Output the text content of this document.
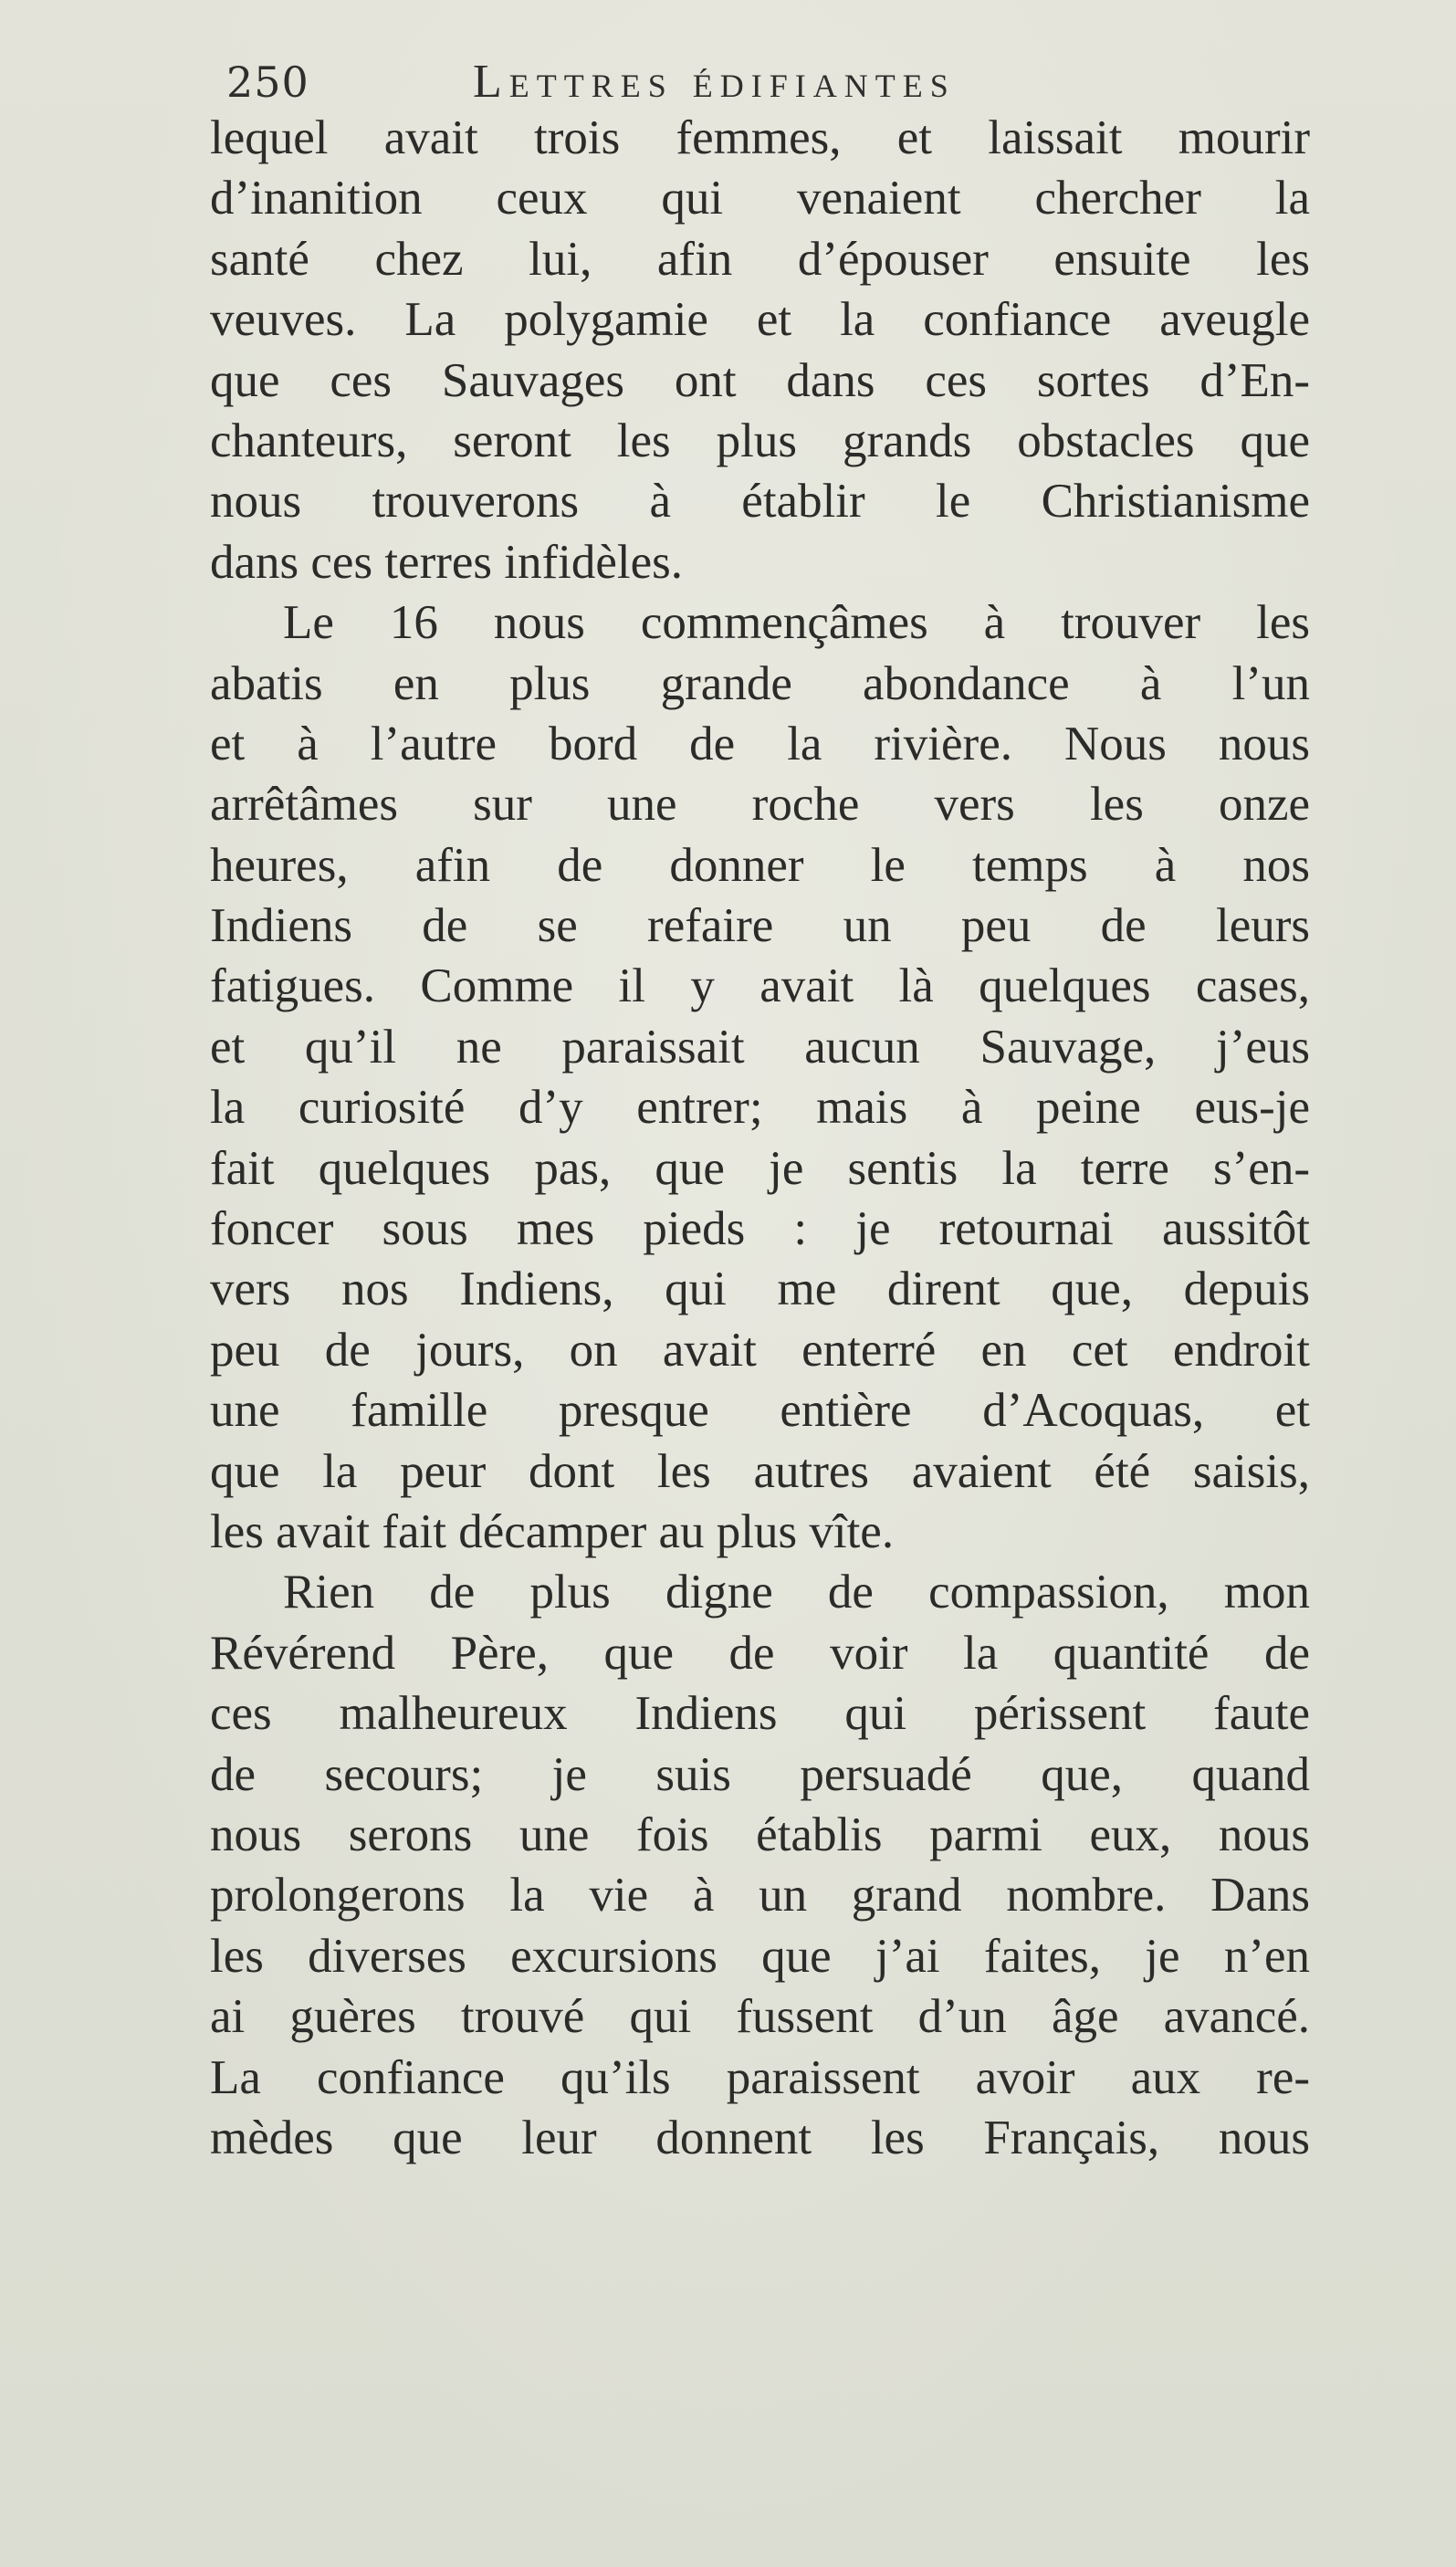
250	Lettres édifiantes
lequel avait trois femmes, et laissait mourir
d’inanition ceux qui venaient chercher la
santé chez lui, afin d’épouser ensuite les
veuves. La polygamie et la confiance aveugle
que ces Sauvages ont dans ces sortes d’En-
chanteurs, seront les plus grands obstacles que
nous trouverons à établir le Christianisme
dans ces terres infidèles.
Le 16 nous commençâmes à trouver les
abatis en plus grande abondance à l’un
et à l’autre bord de la rivière. Nous nous
arrêtâmes sur une roche vers les onze
heures, afin de donner le temps à nos
Indiens de se refaire un peu de leurs
fatigues. Comme il y avait là quelques cases,
et qu’il ne paraissait aucun Sauvage, j’eus
la curiosité d’y entrer; mais à peine eus-je
fait quelques pas, que je sentis la terre s’en-
foncer sous mes pieds : je retournai aussitôt
vers nos Indiens, qui me dirent que, depuis
peu de jours, on avait enterré en cet endroit
une famille presque entière d’Acoquas, et
que la peur dont les autres avaient été saisis,
les avait fait décamper au plus vîte.
Rien de plus digne de compassion, mon
Révérend Père, que de voir la quantité de
ces malheureux Indiens qui périssent faute
de secours; je suis persuadé que, quand
nous serons une fois établis parmi eux, nous
prolongerons la vie à un grand nombre. Dans
les diverses excursions que j’ai faites, je n’en
ai guères trouvé qui fussent d’un âge avancé.
La confiance qu’ils paraissent avoir aux re-
mèdes que leur donnent les Français, nous
